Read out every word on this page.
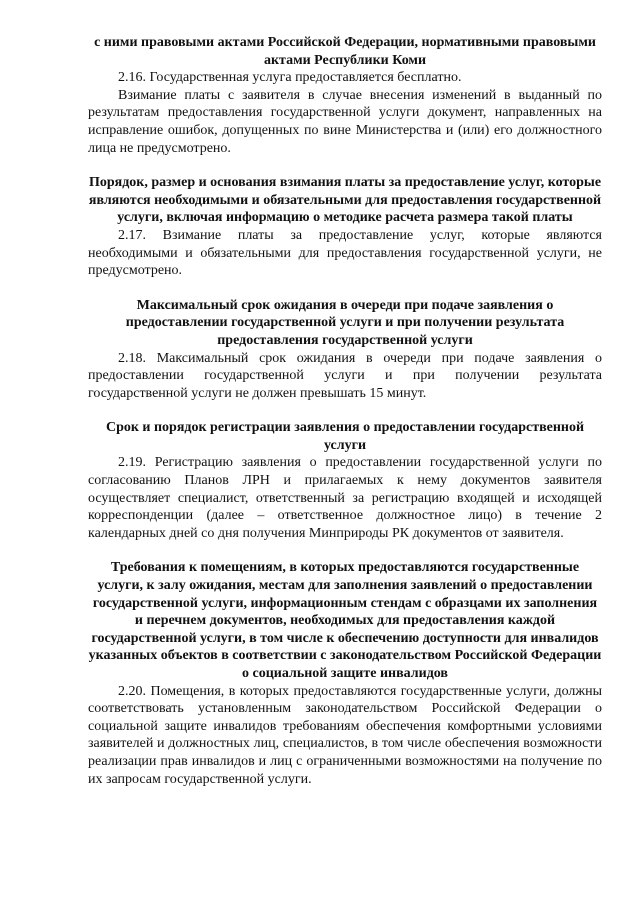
с ними правовыми актами Российской Федерации, нормативными правовыми актами Республики Коми

2.16. Государственная услуга предоставляется бесплатно.

Взимание платы с заявителя в случае внесения изменений в выданный по результатам предоставления государственной услуги документ, направленных на исправление ошибок, допущенных по вине Министерства и (или) его должностного лица не предусмотрено.

Порядок, размер и основания взимания платы за предоставление услуг, которые являются необходимыми и обязательными для предоставления государственной услуги, включая информацию о методике расчета размера такой платы

2.17. Взимание платы за предоставление услуг, которые являются необходимыми и обязательными для предоставления государственной услуги, не предусмотрено.

Максимальный срок ожидания в очереди при подаче заявления о предоставлении государственной услуги и при получении результата предоставления государственной услуги

2.18. Максимальный срок ожидания в очереди при подаче заявления о предоставлении государственной услуги и при получении результата государственной услуги не должен превышать 15 минут.

Срок и порядок регистрации заявления о предоставлении государственной услуги

2.19. Регистрацию заявления о предоставлении государственной услуги по согласованию Планов ЛРН и прилагаемых к нему документов заявителя осуществляет специалист, ответственный за регистрацию входящей и исходящей корреспонденции (далее – ответственное должностное лицо) в течение 2 календарных дней со дня получения Минприроды РК документов от заявителя.

Требования к помещениям, в которых предоставляются государственные услуги, к залу ожидания, местам для заполнения заявлений о предоставлении государственной услуги, информационным стендам с образцами их заполнения и перечнем документов, необходимых для предоставления каждой государственной услуги, в том числе к обеспечению доступности для инвалидов указанных объектов в соответствии с законодательством Российской Федерации о социальной защите инвалидов

2.20. Помещения, в которых предоставляются государственные услуги, должны соответствовать установленным законодательством Российской Федерации о социальной защите инвалидов требованиям обеспечения комфортными условиями заявителей и должностных лиц, специалистов, в том числе обеспечения возможности реализации прав инвалидов и лиц с ограниченными возможностями на получение по их запросам государственной услуги.
